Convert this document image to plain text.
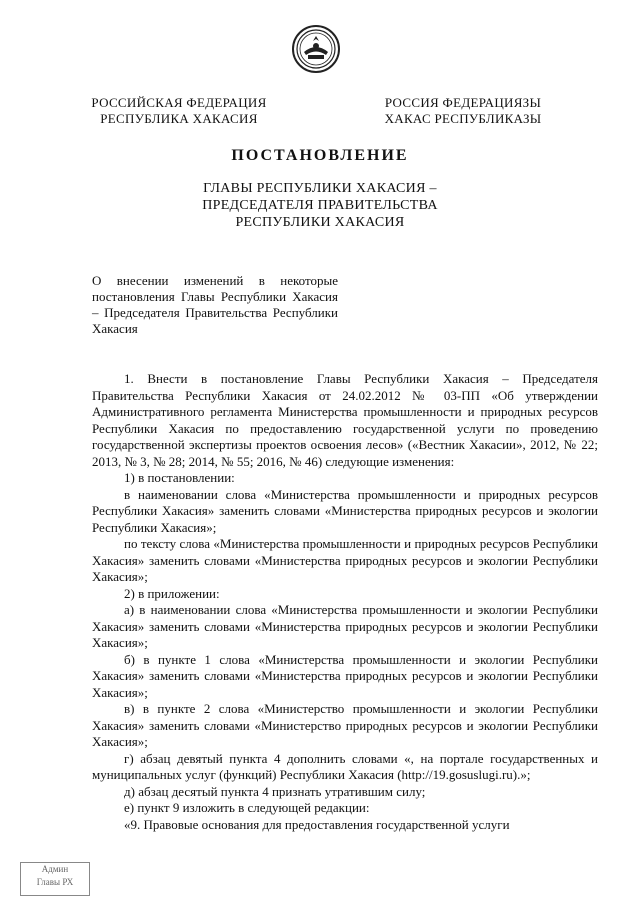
РОССИЙСКАЯ ФЕДЕРАЦИЯ
РЕСПУБЛИКА ХАКАСИЯ
РОССИЯ ФЕДЕРАЦИЯЗЫ
ХАКАС РЕСПУБЛИКАЗЫ
ПОСТАНОВЛЕНИЕ
ГЛАВЫ РЕСПУБЛИКИ ХАКАСИЯ –
ПРЕДСЕДАТЕЛЯ ПРАВИТЕЛЬСТВА
РЕСПУБЛИКИ ХАКАСИЯ
О внесении изменений в некоторые постановления Главы Республики Хакасия – Председателя Правительства Республики Хакасия

1. Внести в постановление Главы Республики Хакасия – Председателя Правительства Республики Хакасия от 24.02.2012 № 03-ПП «Об утверждении Административного регламента Министерства промышленности и природных ресурсов Республики Хакасия по предоставлению государственной услуги по проведению государственной экспертизы проектов освоения лесов» («Вестник Хакасии», 2012, № 22; 2013, № 3, № 28; 2014, № 55; 2016, № 46) следующие изменения:

1) в постановлении:

в наименовании слова «Министерства промышленности и природных ресурсов Республики Хакасия» заменить словами «Министерства природных ресурсов и экологии Республики Хакасия»;

по тексту слова «Министерства промышленности и природных ресурсов Республики Хакасия» заменить словами «Министерства природных ресурсов и экологии Республики Хакасия»;

2) в приложении:

а) в наименовании слова «Министерства промышленности и экологии Республики Хакасия» заменить словами «Министерства природных ресурсов и экологии Республики Хакасия»;

б) в пункте 1 слова «Министерства промышленности и экологии Республики Хакасия» заменить словами «Министерства природных ресурсов и экологии Республики Хакасия»;

в) в пункте 2 слова «Министерство промышленности и экологии Республики Хакасия» заменить словами «Министерство природных ресурсов и экологии Республики Хакасия»;

г) абзац девятый пункта 4 дополнить словами «, на портале государственных и муниципальных услуг (функций) Республики Хакасия (http://19.gosuslugi.ru).»;

д) абзац десятый пункта 4 признать утратившим силу;

е) пункт 9 изложить в следующей редакции:

«9. Правовые основания для предоставления государственной услуги

Админ
Главы РХ
